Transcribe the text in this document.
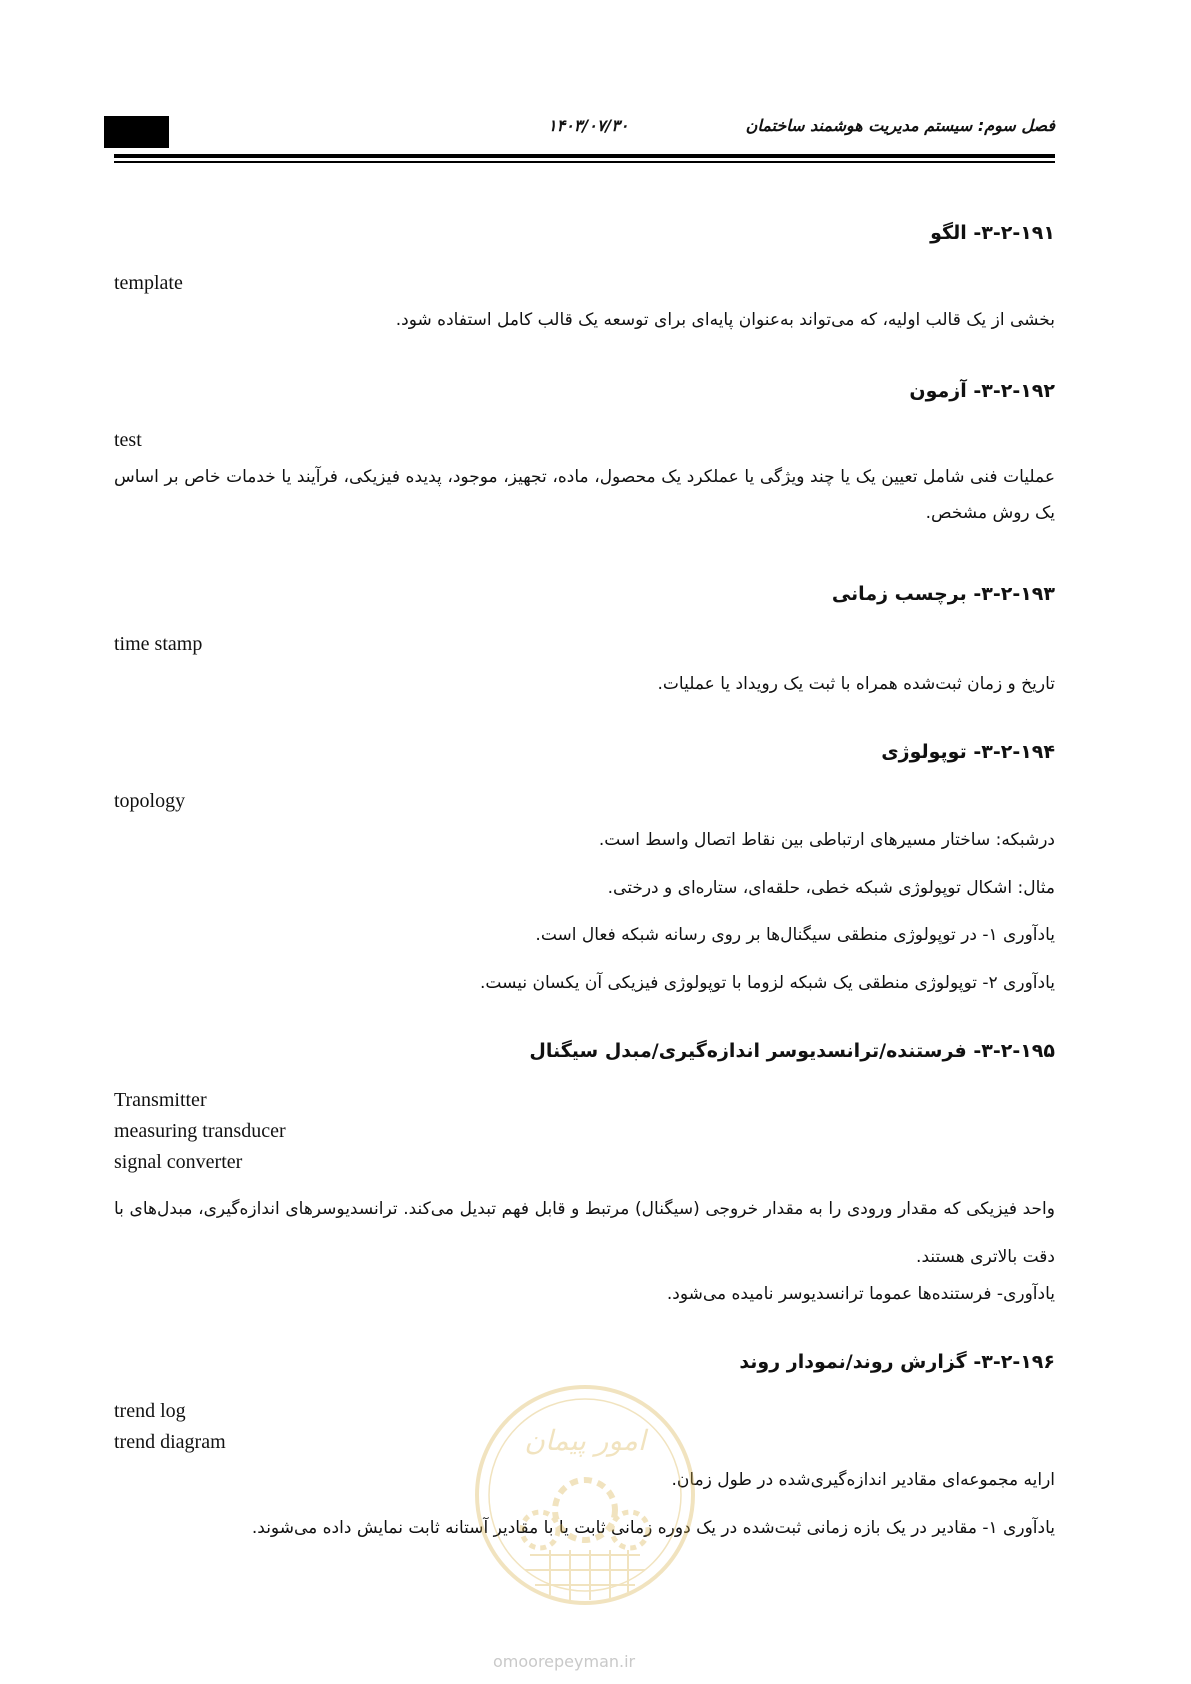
۱۴۰۳/۰۷/۳۰	فصل سوم: سیستم مدیریت هوشمند ساختمان
۳-۲-۱۹۱- الگو
template
بخشی از یک قالب اولیه، که می‌تواند به‌عنوان پایه‌ای برای توسعه یک قالب کامل استفاده شود.
۳-۲-۱۹۲- آزمون
test
عملیات فنی شامل تعیین یک یا چند ویژگی یا عملکرد یک محصول، ماده، تجهیز، موجود، پدیده فیزیکی، فرآیند یا خدمات خاص بر اساس یک روش مشخص.
۳-۲-۱۹۳- برچسب زمانی
time stamp
تاریخ و زمان ثبت‌شده همراه با ثبت یک رویداد یا عملیات.
۳-۲-۱۹۴- توپولوژی
topology
درشبکه: ساختار مسیرهای ارتباطی بین نقاط اتصال واسط است.
مثال: اشکال توپولوژی شبکه خطی، حلقه‌ای، ستاره‌ای و درختی.
یادآوری ۱- در توپولوژی منطقی سیگنال‌ها بر روی رسانه شبکه فعال است.
یادآوری ۲- توپولوژی منطقی یک شبکه لزوما با توپولوژی فیزیکی آن یکسان نیست.
۳-۲-۱۹۵- فرستنده/ترانسدیوسر اندازه‌گیری/مبدل سیگنال
Transmitter
measuring transducer
signal converter
واحد فیزیکی که مقدار ورودی را به مقدار خروجی (سیگنال) مرتبط و قابل فهم تبدیل می‌کند. ترانسدیوسرهای اندازه‌گیری، مبدل‌های با دقت بالاتری هستند.
یادآوری- فرستنده‌ها عموما ترانسدیوسر نامیده می‌شود.
۳-۲-۱۹۶- گزارش روند/نمودار روند
trend log
trend diagram
ارایه مجموعه‌ای مقادیر اندازه‌گیری‌شده در طول زمان.
یادآوری ۱- مقادیر در یک بازه زمانی ثبت‌شده در یک دوره زمانی ثابت یا با مقادیر آستانه ثابت نمایش داده می‌شوند.
امور پیمان
omoorepeyman.ir
